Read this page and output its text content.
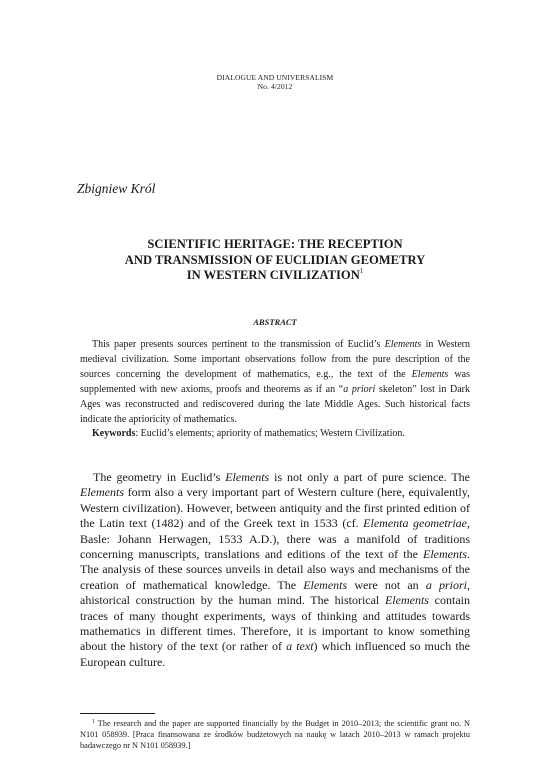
DIALOGUE AND UNIVERSALISM
No. 4/2012
Zbigniew Król
SCIENTIFIC HERITAGE: THE RECEPTION
AND TRANSMISSION OF EUCLIDIAN GEOMETRY
IN WESTERN CIVILIZATION$^1$
ABSTRACT

This paper presents sources pertinent to the transmission of Euclid’s Elements in Western medieval civilization. Some important observations follow from the pure description of the sources concerning the development of mathematics, e.g., the text of the Elements was supplemented with new axioms, proofs and theorems as if an “a priori skeleton” lost in Dark Ages was reconstructed and rediscovered during the late Middle Ages. Such historical facts indicate the aprioricity of mathematics.

Keywords: Euclid’s elements; apriority of mathematics; Western Civilization.

The geometry in Euclid’s Elements is not only a part of pure science. The Elements form also a very important part of Western culture (here, equivalently, Western civilization). However, between antiquity and the first printed edition of the Latin text (1482) and of the Greek text in 1533 (cf. Elementa geometriae, Basle: Johann Herwagen, 1533 A.D.), there was a manifold of traditions concerning manuscripts, translations and editions of the text of the Elements. The analysis of these sources unveils in detail also ways and mechanisms of the creation of mathematical knowledge. The Elements were not an a priori, ahistorical construction by the human mind. The historical Elements contain traces of many thought experiments, ways of thinking and attitudes towards mathematics in different times. Therefore, it is important to know something about the history of the text (or rather of a text) which influenced so much the European culture.

$^1$ The research and the paper are supported financially by the Budget in 2010–2013; the scientific grant no. N N101 058939. [Praca finansowana ze środków budżetowych na naukę w latach 2010–2013 w ramach projektu badawczego nr N N101 058939.]
